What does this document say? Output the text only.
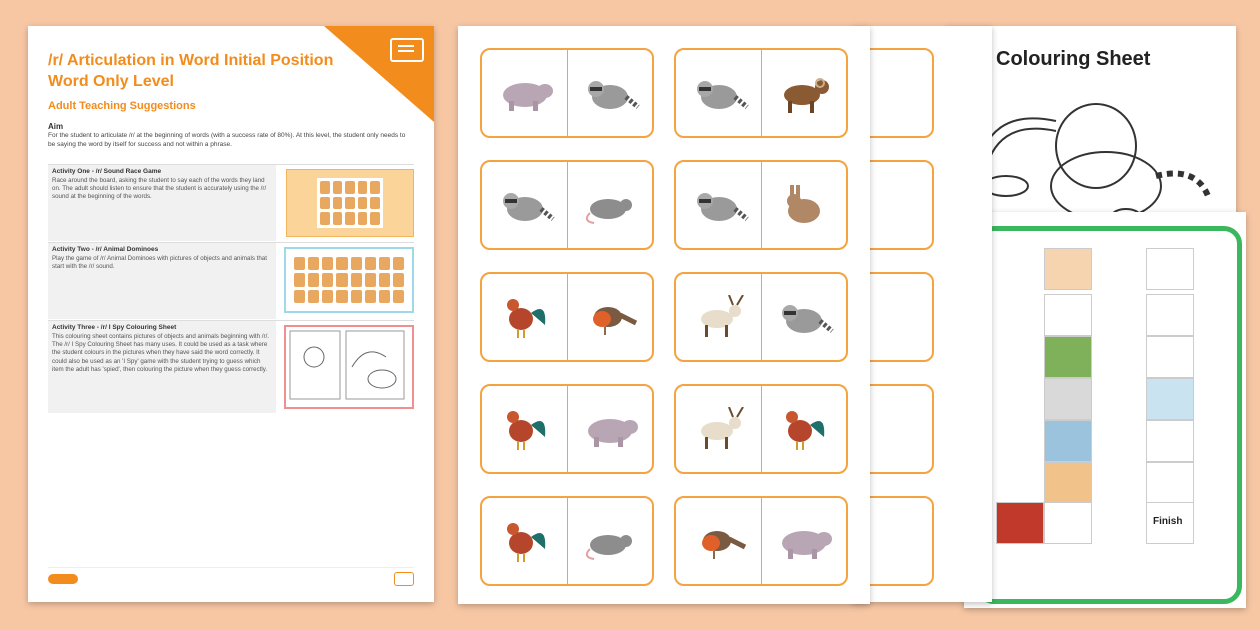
Colouring Sheet
Finish
/r/ Articulation in Word Initial Position Word Only Level
Adult Teaching Suggestions
Aim
For the student to articulate /r/ at the beginning of words (with a success rate of 80%). At this level, the student only needs to be saying the word by itself for success and not within a phrase.
Activity One - /r/ Sound Race Game
Race around the board, asking the student to say each of the words they land on. The adult should listen to ensure that the student is accurately using the /r/ sound at the beginning of the words.
Activity Two - /r/ Animal Dominoes
Play the game of /r/ Animal Dominoes with pictures of objects and animals that start with the /r/ sound.
Activity Three - /r/ I Spy Colouring Sheet
This colouring sheet contains pictures of objects and animals beginning with /r/. The /r/ I Spy Colouring Sheet has many uses. It could be used as a task where the student colours in the pictures when they have said the word correctly. It could also be used as an 'I Spy' game with the student trying to guess which item the adult has 'spied', then colouring the picture when they guess correctly.
